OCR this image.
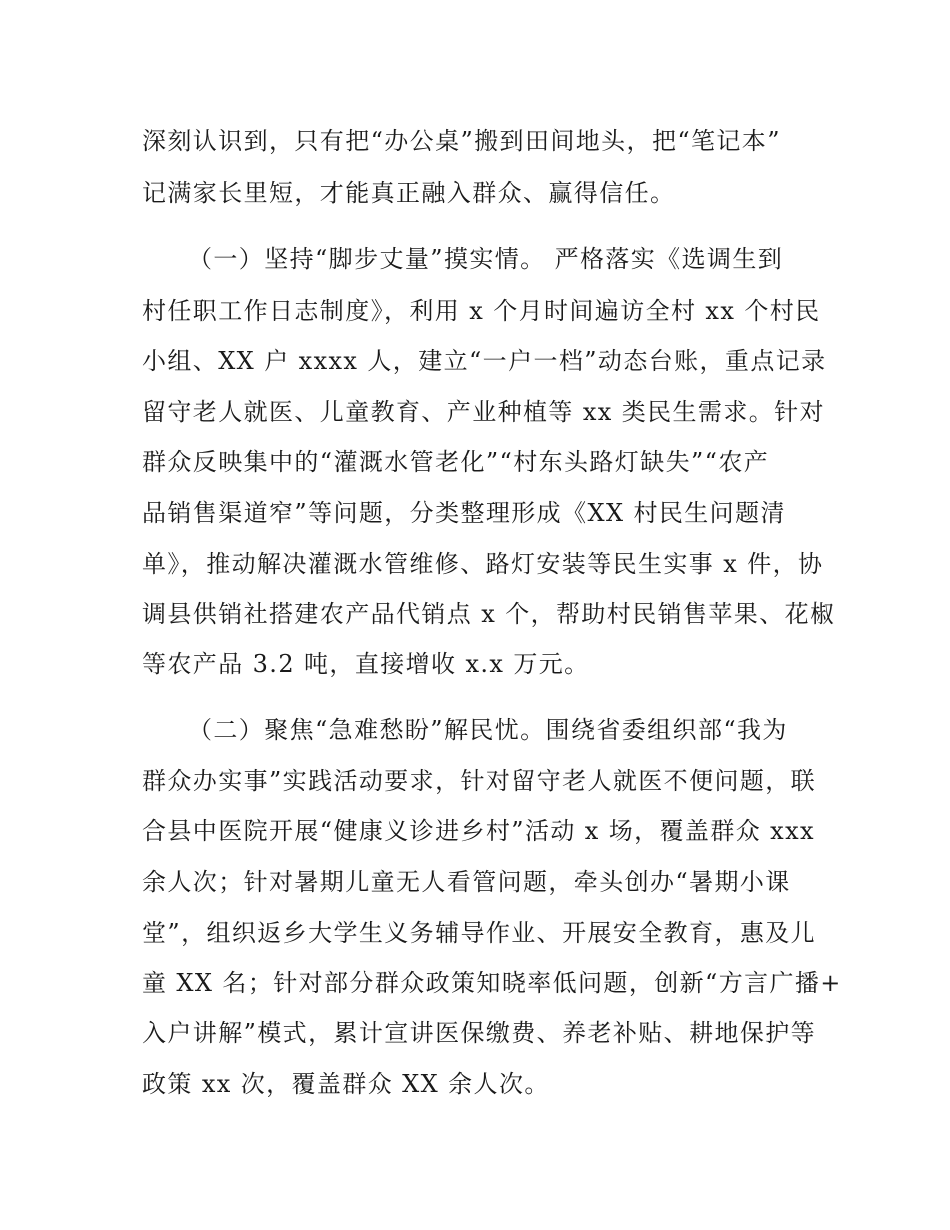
深刻认识到，只有把“办公桌”搬到田间地头，把“笔记本”

记满家长里短，才能真正融入群众、赢得信任。

（一）坚持“脚步丈量”摸实情。 严格落实《选调生到

村任职工作日志制度》，利用 x 个月时间遍访全村 xx 个村民

小组、XX 户 xxxx 人，建立“一户一档”动态台账，重点记录

留守老人就医、儿童教育、产业种植等 xx 类民生需求。针对

群众反映集中的“灌溉水管老化”“村东头路灯缺失”“农产

品销售渠道窄”等问题，分类整理形成《XX 村民生问题清

单》，推动解决灌溉水管维修、路灯安装等民生实事 x 件，协

调县供销社搭建农产品代销点 x 个，帮助村民销售苹果、花椒

等农产品 3.2 吨，直接增收 x.x 万元。

（二）聚焦“急难愁盼”解民忧。围绕省委组织部“我为

群众办实事”实践活动要求，针对留守老人就医不便问题，联

合县中医院开展“健康义诊进乡村”活动 x 场，覆盖群众 xxx

余人次；针对暑期儿童无人看管问题，牵头创办“暑期小课

堂”，组织返乡大学生义务辅导作业、开展安全教育，惠及儿

童 XX 名；针对部分群众政策知晓率低问题，创新“方言广播+

入户讲解”模式，累计宣讲医保缴费、养老补贴、耕地保护等

政策 xx 次，覆盖群众 XX 余人次。
